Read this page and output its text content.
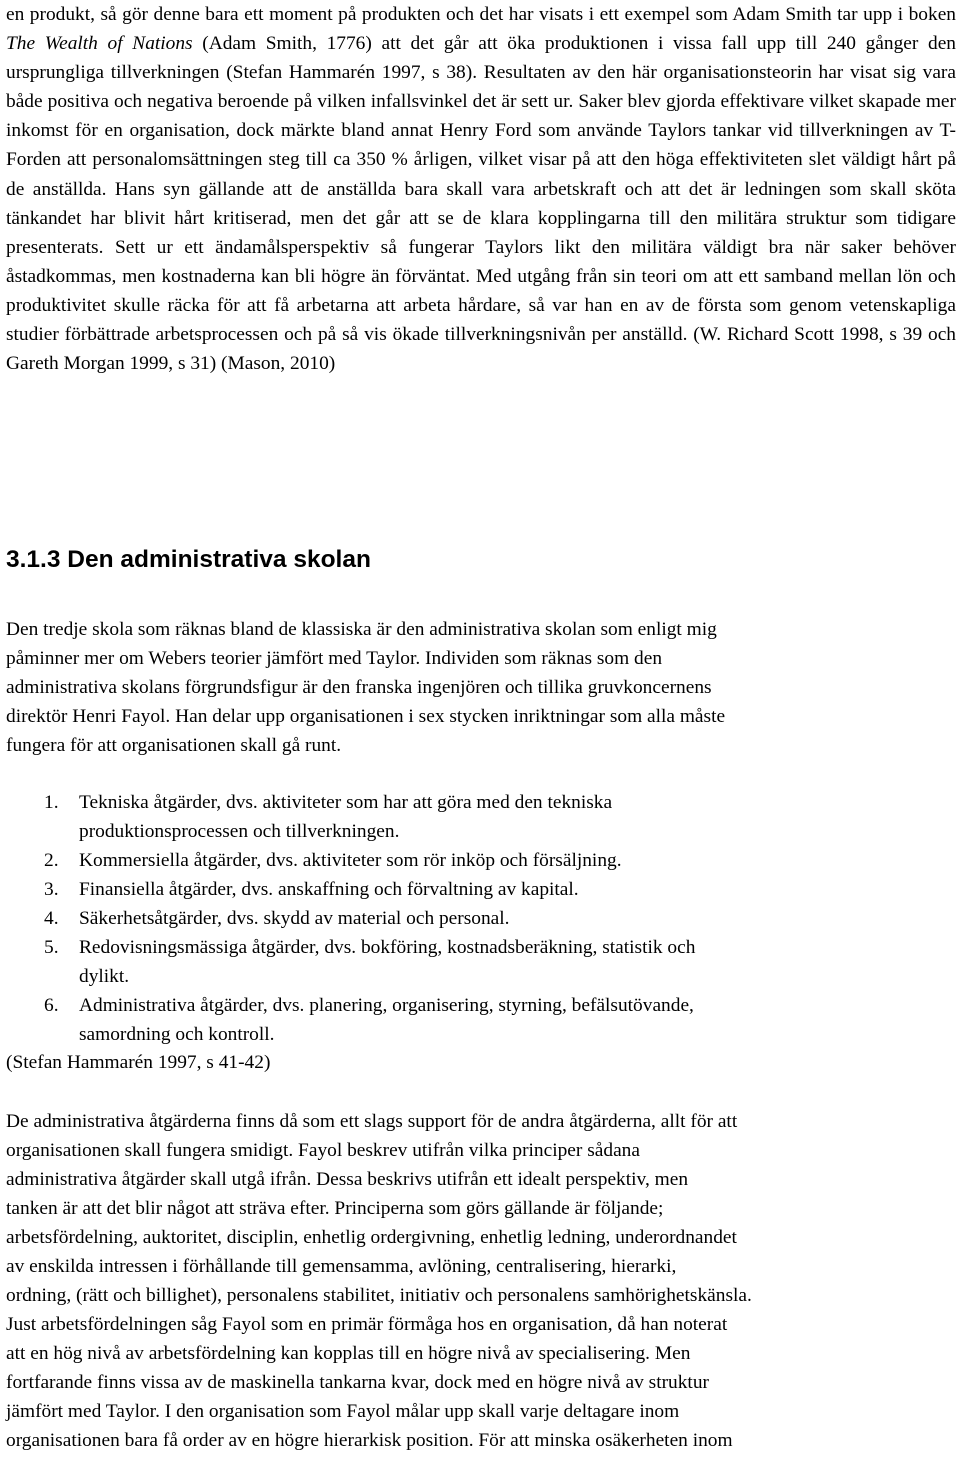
en produkt, så gör denne bara ett moment på produkten och det har visats i ett exempel som Adam Smith tar upp i boken The Wealth of Nations (Adam Smith, 1776) att det går att öka produktionen i vissa fall upp till 240 gånger den ursprungliga tillverkningen (Stefan Hammarén 1997, s 38). Resultaten av den här organisationsteorin har visat sig vara både positiva och negativa beroende på vilken infallsvinkel det är sett ur. Saker blev gjorda effektivare vilket skapade mer inkomst för en organisation, dock märkte bland annat Henry Ford som använde Taylors tankar vid tillverkningen av T-Forden att personalomsättningen steg till ca 350 % årligen, vilket visar på att den höga effektiviteten slet väldigt hårt på de anställda. Hans syn gällande att de anställda bara skall vara arbetskraft och att det är ledningen som skall sköta tänkandet har blivit hårt kritiserad, men det går att se de klara kopplingarna till den militära struktur som tidigare presenterats. Sett ur ett ändamålsperspektiv så fungerar Taylors likt den militära väldigt bra när saker behöver åstadkommas, men kostnaderna kan bli högre än förväntat. Med utgång från sin teori om att ett samband mellan lön och produktivitet skulle räcka för att få arbetarna att arbeta hårdare, så var han en av de första som genom vetenskapliga studier förbättrade arbetsprocessen och på så vis ökade tillverkningsnivån per anställd. (W. Richard Scott 1998, s 39 och Gareth Morgan 1999, s 31) (Mason, 2010)

3.1.3 Den administrativa skolan
Den tredje skola som räknas bland de klassiska är den administrativa skolan som enligt mig
påminner mer om Webers teorier jämfört med Taylor. Individen som räknas som den
administrativa skolans förgrundsfigur är den franska ingenjören och tillika gruvkoncernens
direktör Henri Fayol. Han delar upp organisationen i sex stycken inriktningar som alla måste
fungera för att organisationen skall gå runt.
1. Tekniska åtgärder, dvs. aktiviteter som har att göra med den tekniska
produktionsprocessen och tillverkningen.
2. Kommersiella åtgärder, dvs. aktiviteter som rör inköp och försäljning.
3. Finansiella åtgärder, dvs. anskaffning och förvaltning av kapital.
4. Säkerhetsåtgärder, dvs. skydd av material och personal.
5. Redovisningsmässiga åtgärder, dvs. bokföring, kostnadsberäkning, statistik och
dylikt.
6. Administrativa åtgärder, dvs. planering, organisering, styrning, befälsutövande,
samordning och kontroll.
(Stefan Hammarén 1997, s 41-42)
De administrativa åtgärderna finns då som ett slags support för de andra åtgärderna, allt för att
organisationen skall fungera smidigt. Fayol beskrev utifrån vilka principer sådana
administrativa åtgärder skall utgå ifrån. Dessa beskrivs utifrån ett idealt perspektiv, men
tanken är att det blir något att sträva efter. Principerna som görs gällande är följande;
arbetsfördelning, auktoritet, disciplin, enhetlig ordergivning, enhetlig ledning, underordnandet
av enskilda intressen i förhållande till gemensamma, avlöning, centralisering, hierarki,
ordning, (rätt och billighet), personalens stabilitet, initiativ och personalens samhörighetskänsla.
Just arbetsfördelningen såg Fayol som en primär förmåga hos en organisation, då han noterat
att en hög nivå av arbetsfördelning kan kopplas till en högre nivå av specialisering. Men
fortfarande finns vissa av de maskinella tankarna kvar, dock med en högre nivå av struktur
jämfört med Taylor. I den organisation som Fayol målar upp skall varje deltagare inom
organisationen bara få order av en högre hierarkisk position. För att minska osäkerheten inom
